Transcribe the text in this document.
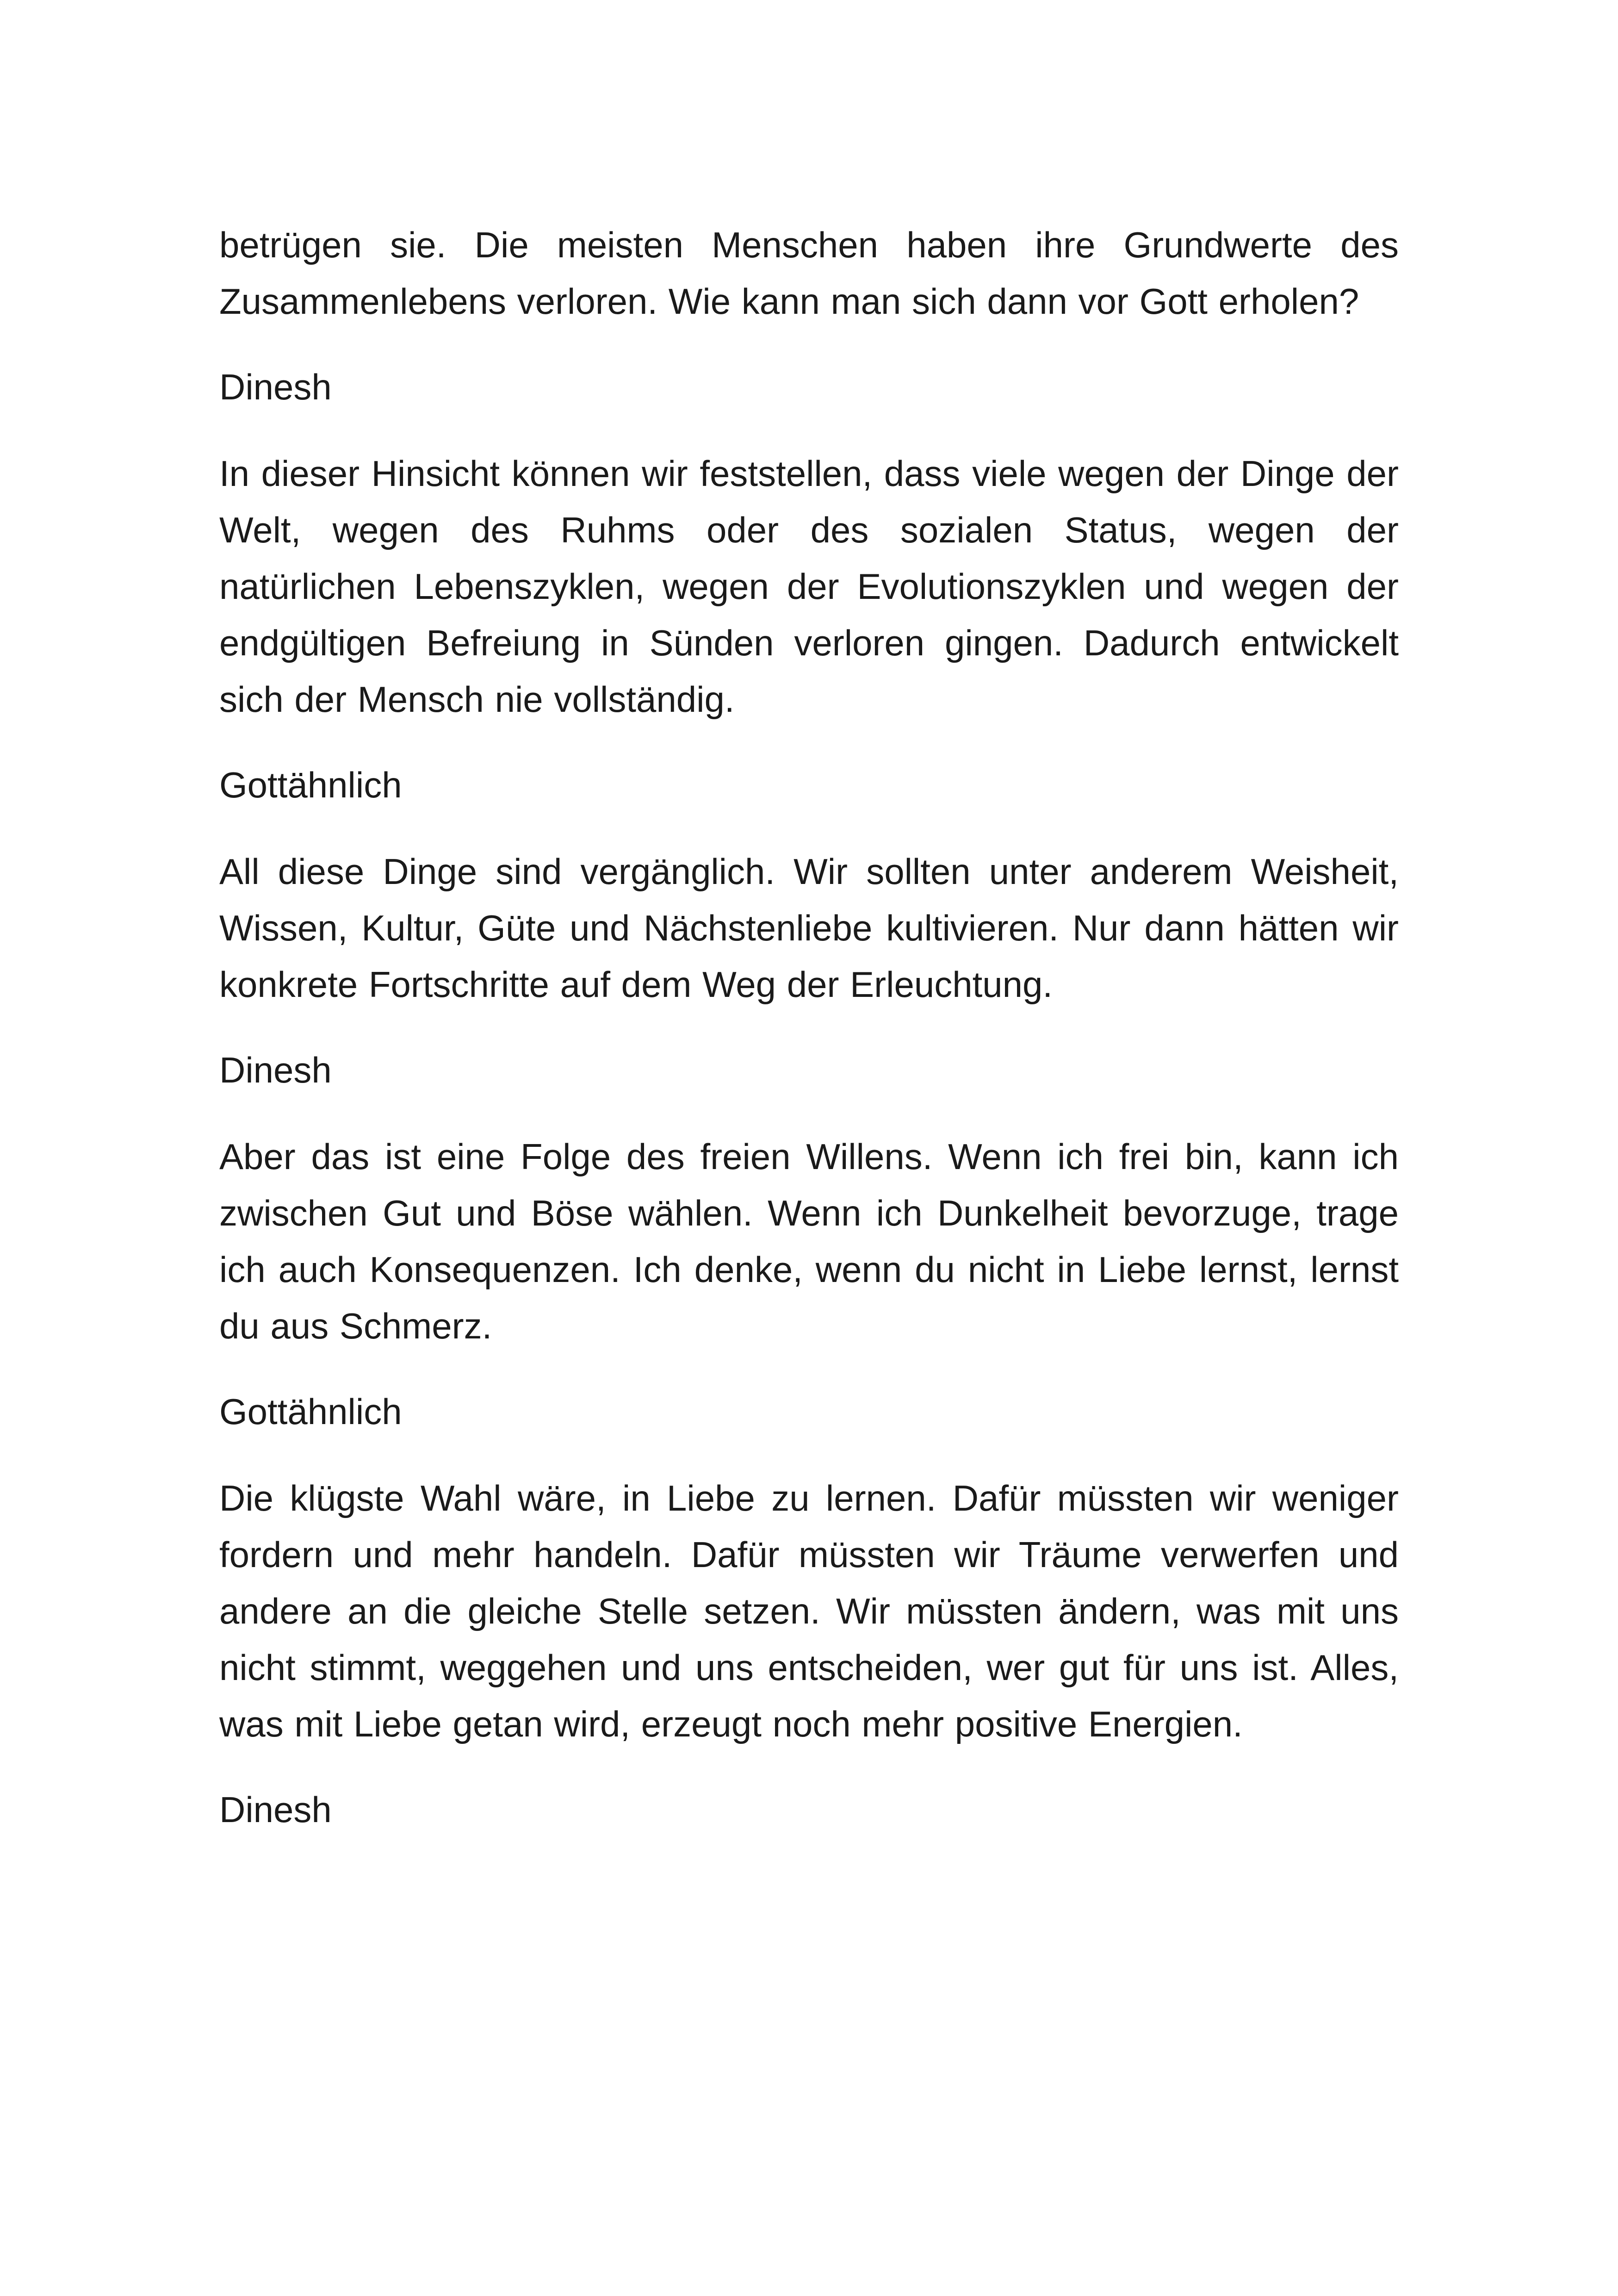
betrügen sie. Die meisten Menschen haben ihre Grundwerte des Zusammenlebens verloren. Wie kann man sich dann vor Gott erholen?

Dinesh

In dieser Hinsicht können wir feststellen, dass viele wegen der Dinge der Welt, wegen des Ruhms oder des sozialen Status, wegen der natürlichen Lebenszyklen, wegen der Evolutionszyklen und wegen der endgültigen Befreiung in Sünden verloren gingen. Dadurch entwickelt sich der Mensch nie vollständig.

Gottähnlich

All diese Dinge sind vergänglich. Wir sollten unter anderem Weisheit, Wissen, Kultur, Güte und Nächstenliebe kultivieren. Nur dann hätten wir konkrete Fortschritte auf dem Weg der Erleuchtung.

Dinesh

Aber das ist eine Folge des freien Willens. Wenn ich frei bin, kann ich zwischen Gut und Böse wählen. Wenn ich Dunkelheit bevorzuge, trage ich auch Konsequenzen. Ich denke, wenn du nicht in Liebe lernst, lernst du aus Schmerz.

Gottähnlich

Die klügste Wahl wäre, in Liebe zu lernen. Dafür müssten wir weniger fordern und mehr handeln. Dafür müssten wir Träume verwerfen und andere an die gleiche Stelle setzen. Wir müssten ändern, was mit uns nicht stimmt, weggehen und uns entscheiden, wer gut für uns ist. Alles, was mit Liebe getan wird, erzeugt noch mehr positive Energien.

Dinesh
